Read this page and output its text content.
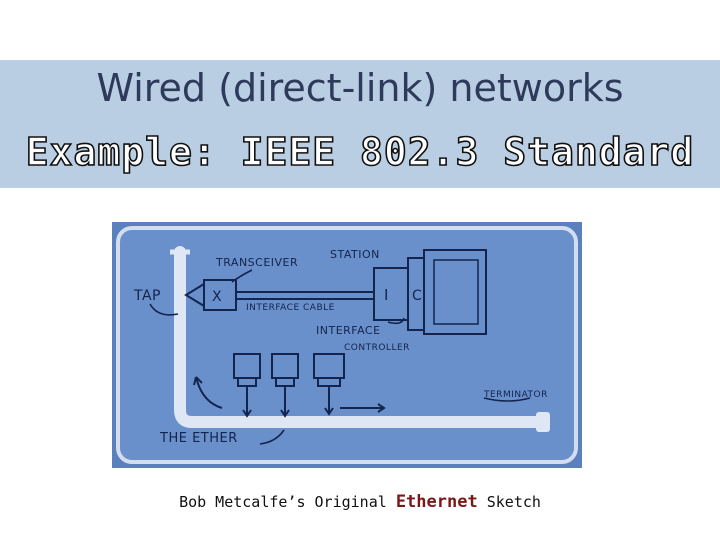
Wired (direct-link) networks
Example: IEEE 802.3 Standard
TRANSCEIVER
STATION
TAP	X
INTERFACE CABLE
I C
INTERFACE
CONTROLLER
TERMINATOR
THE ETHER
Bob Metcalfe’s Original Ethernet Sketch
